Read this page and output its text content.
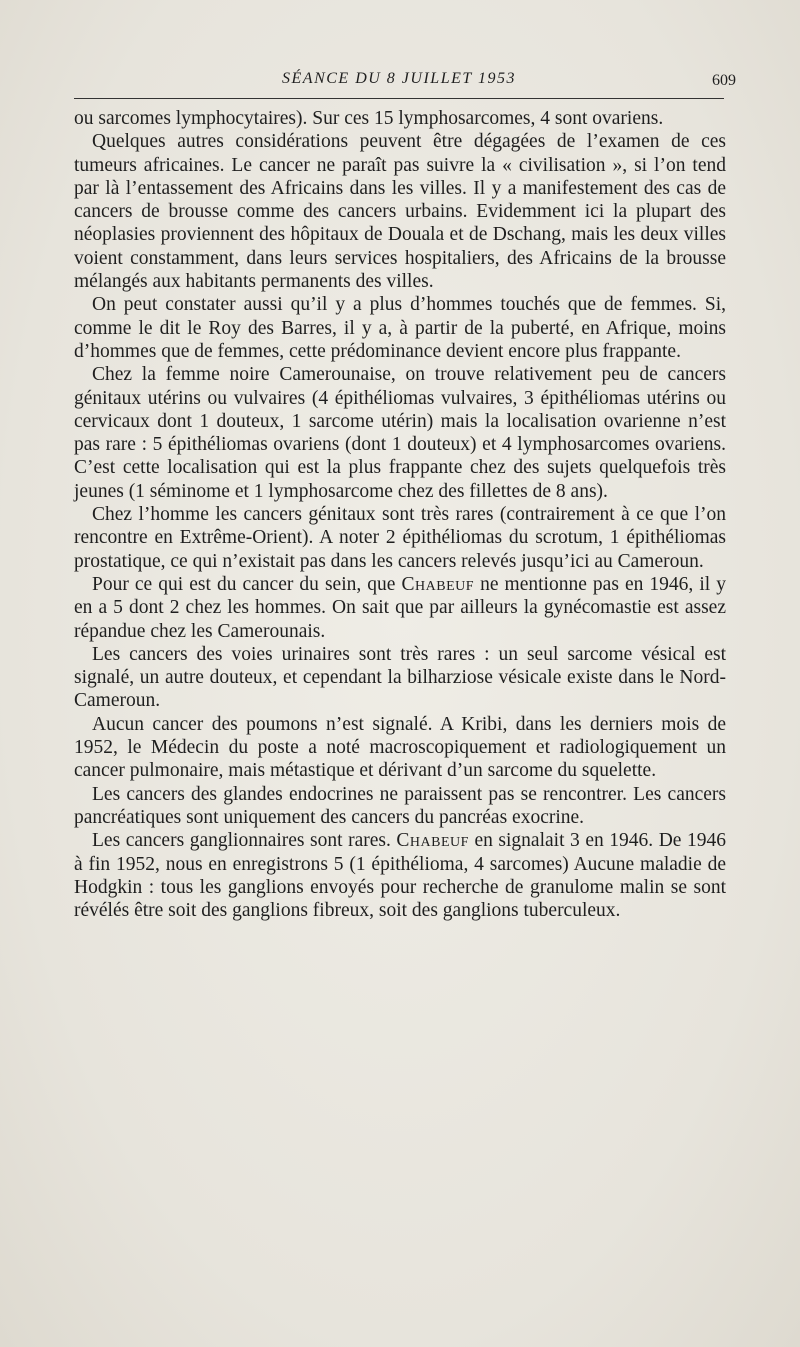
SÉANCE DU 8 JUILLET 1953	609

ou sarcomes lymphocytaires). Sur ces 15 lymphosarcomes, 4 sont ovariens.

Quelques autres considérations peuvent être dégagées de l’examen de ces tumeurs africaines. Le cancer ne paraît pas suivre la « civilisation », si l’on tend par là l’entassement des Africains dans les villes. Il y a manifestement des cas de cancers de brousse comme des cancers urbains. Evidemment ici la plupart des néoplasies proviennent des hôpitaux de Douala et de Dschang, mais les deux villes voient constamment, dans leurs services hospitaliers, des Africains de la brousse mélangés aux habitants permanents des villes.

On peut constater aussi qu’il y a plus d’hommes touchés que de femmes. Si, comme le dit le Roy des Barres, il y a, à partir de la puberté, en Afrique, moins d’hommes que de femmes, cette prédominance devient encore plus frappante.

Chez la femme noire Camerounaise, on trouve relativement peu de cancers génitaux utérins ou vulvaires (4 épithéliomas vulvaires, 3 épithéliomas utérins ou cervicaux dont 1 douteux, 1 sarcome utérin) mais la localisation ovarienne n’est pas rare : 5 épithéliomas ovariens (dont 1 douteux) et 4 lymphosarcomes ovariens. C’est cette localisation qui est la plus frappante chez des sujets quelquefois très jeunes (1 séminome et 1 lymphosarcome chez des fillettes de 8 ans).

Chez l’homme les cancers génitaux sont très rares (contrairement à ce que l’on rencontre en Extrême-Orient). A noter 2 épithéliomas du scrotum, 1 épithéliomas prostatique, ce qui n’existait pas dans les cancers relevés jusqu’ici au Cameroun.

Pour ce qui est du cancer du sein, que Chabeuf ne mentionne pas en 1946, il y en a 5 dont 2 chez les hommes. On sait que par ailleurs la gynécomastie est assez répandue chez les Camerounais.

Les cancers des voies urinaires sont très rares : un seul sarcome vésical est signalé, un autre douteux, et cependant la bilharziose vésicale existe dans le Nord-Cameroun.

Aucun cancer des poumons n’est signalé. A Kribi, dans les derniers mois de 1952, le Médecin du poste a noté macroscopiquement et radiologiquement un cancer pulmonaire, mais métastique et dérivant d’un sarcome du squelette.

Les cancers des glandes endocrines ne paraissent pas se rencontrer. Les cancers pancréatiques sont uniquement des cancers du pancréas exocrine.

Les cancers ganglionnaires sont rares. Chabeuf en signalait 3 en 1946. De 1946 à fin 1952, nous en enregistrons 5 (1 épithélioma, 4 sarcomes) Aucune maladie de Hodgkin : tous les ganglions envoyés pour recherche de granulome malin se sont révélés être soit des ganglions fibreux, soit des ganglions tuberculeux.
